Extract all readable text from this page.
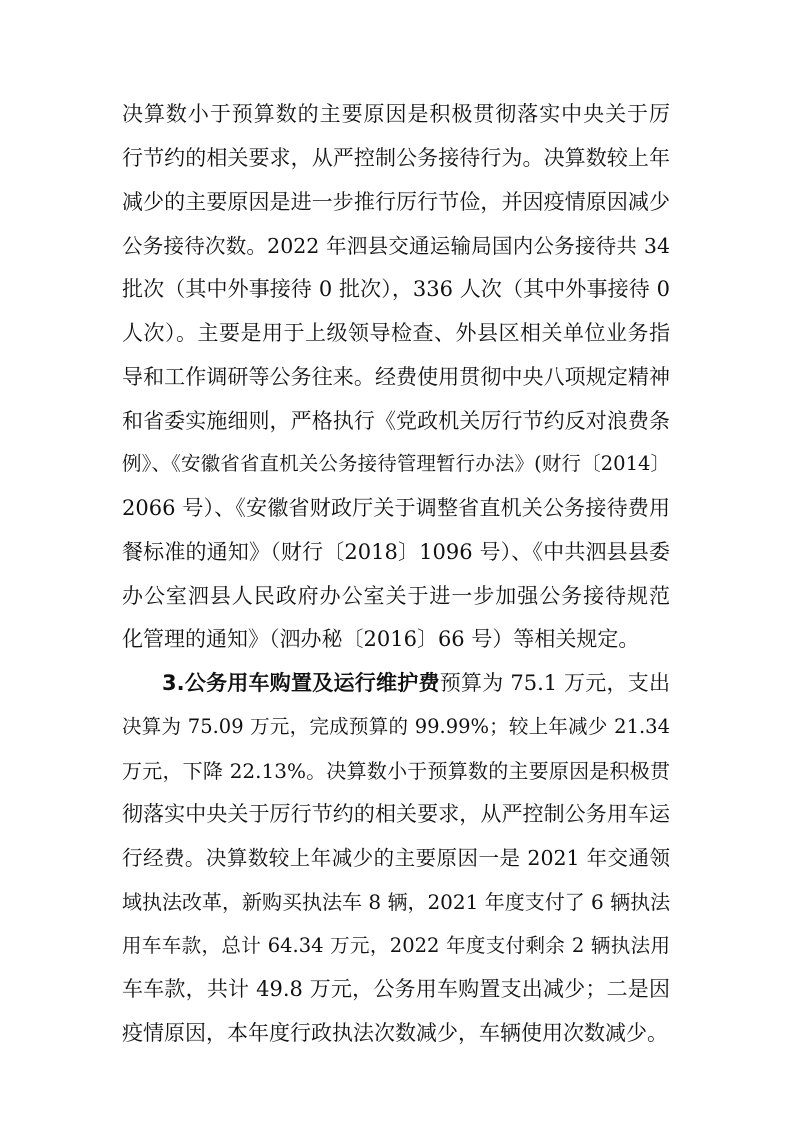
决算数小于预算数的主要原因是积极贯彻落实中央关于厉
行节约的相关要求，从严控制公务接待行为。决算数较上年
减少的主要原因是进一步推行厉行节俭，并因疫情原因减少
公务接待次数。2022 年泗县交通运输局国内公务接待共 34
批次（其中外事接待 0 批次），336 人次（其中外事接待 0
人次）。主要是用于上级领导检查、外县区相关单位业务指
导和工作调研等公务往来。经费使用贯彻中央八项规定精神
和省委实施细则，严格执行《党政机关厉行节约反对浪费条
例》、《安徽省省直机关公务接待管理暂行办法》(财行〔2014〕
2066 号）、《安徽省财政厅关于调整省直机关公务接待费用
餐标准的通知》（财行〔2018〕1096 号）、《中共泗县县委
办公室泗县人民政府办公室关于进一步加强公务接待规范
化管理的通知》（泗办秘〔2016〕66 号）等相关规定。
3.公务用车购置及运行维护费预算为 75.1 万元，支出
决算为 75.09 万元，完成预算的 99.99%；较上年减少 21.34
万元，下降 22.13%。决算数小于预算数的主要原因是积极贯
彻落实中央关于厉行节约的相关要求，从严控制公务用车运
行经费。决算数较上年减少的主要原因一是 2021 年交通领
域执法改革，新购买执法车 8 辆，2021 年度支付了 6 辆执法
用车车款，总计 64.34 万元，2022 年度支付剩余 2 辆执法用
车车款，共计 49.8 万元，公务用车购置支出减少；二是因
疫情原因，本年度行政执法次数减少，车辆使用次数减少。
